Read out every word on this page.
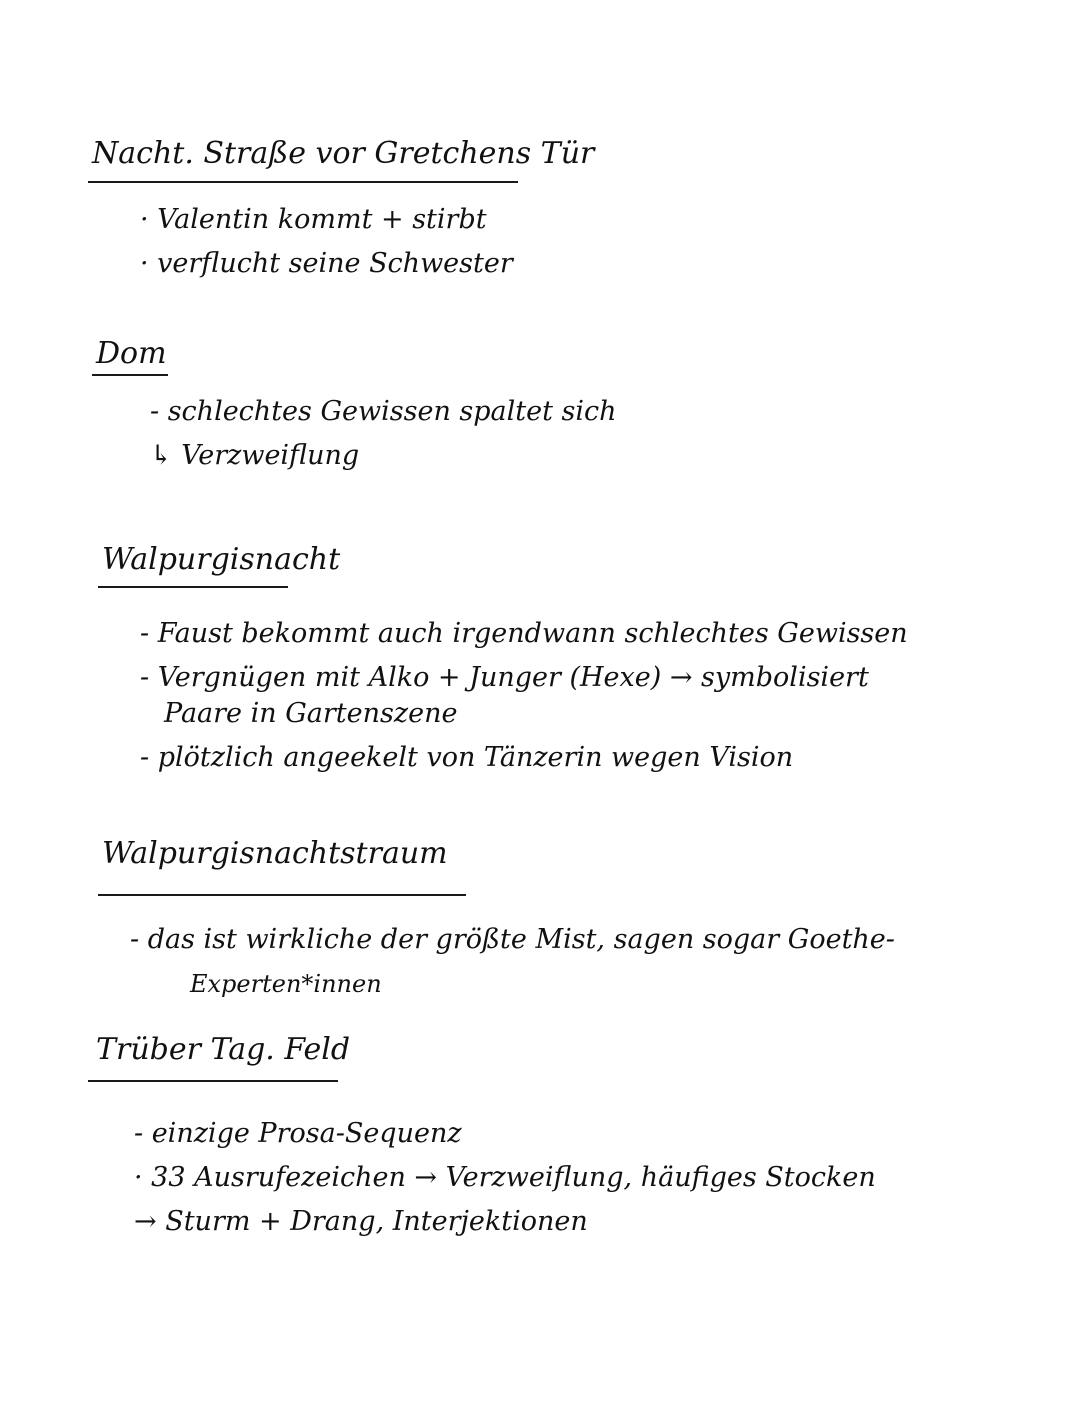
Nacht. Straße vor Gretchens Tür
· Valentin kommt + stirbt
· verflucht seine Schwester
Dom
- schlechtes Gewissen spaltet sich
↳ Verzweiflung
Walpurgisnacht
- Faust bekommt auch irgendwann schlechtes Gewissen
- Vergnügen mit Alko + Junger (Hexe) → symbolisiert
Paare in Gartenszene
- plötzlich angeekelt von Tänzerin wegen Vision
Walpurgisnachtstraum
- das ist wirkliche der größte Mist, sagen sogar Goethe-
Experten*innen
Trüber Tag. Feld
- einzige Prosa-Sequenz
· 33 Ausrufezeichen → Verzweiflung, häufiges Stocken
→ Sturm + Drang, Interjektionen
